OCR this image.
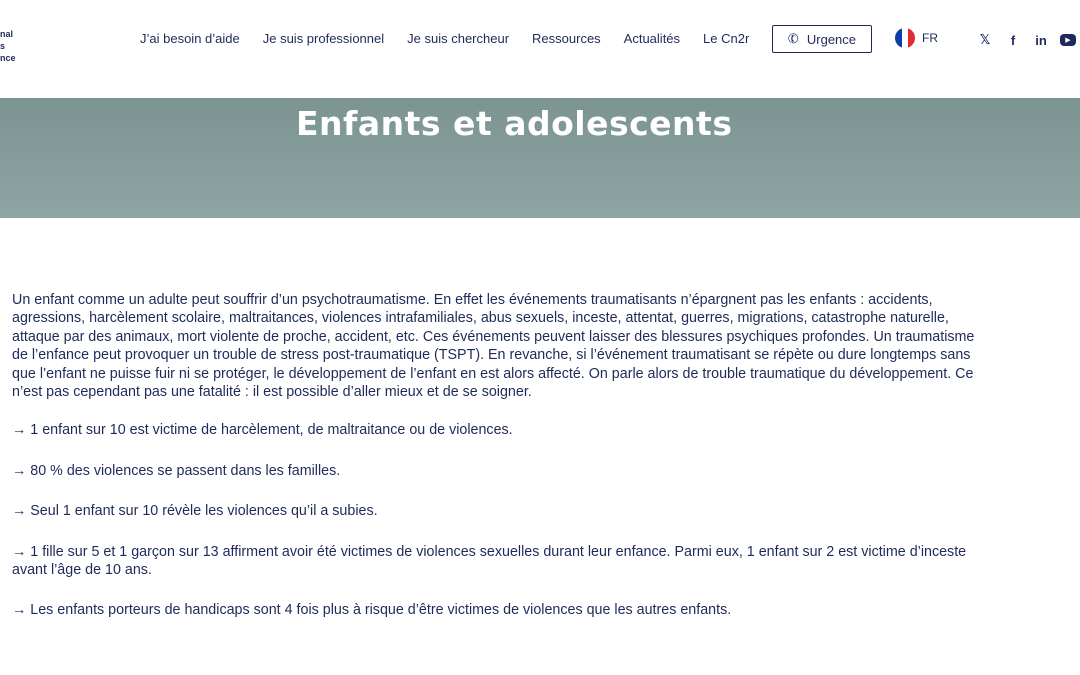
nal
s
nce
J’ai besoin d’aide Je suis professionnel Je suis chercheur Ressources Actualités Le Cn2r	✆ Urgence	FR	𝕏	f	in	▶
Enfants et adolescents

Un enfant comme un adulte peut souffrir d’un psychotraumatisme. En effet les événements traumatisants n’épargnent pas les enfants : accidents, agressions, harcèlement scolaire, maltraitances, violences intrafamiliales, abus sexuels, inceste, attentat, guerres, migrations, catastrophe naturelle, attaque par des animaux, mort violente de proche, accident, etc. Ces événements peuvent laisser des blessures psychiques profondes. Un traumatisme de l’enfance peut provoquer un trouble de stress post-traumatique (TSPT). En revanche, si l’événement traumatisant se répète ou dure longtemps sans que l’enfant ne puisse fuir ni se protéger, le développement de l’enfant en est alors affecté. On parle alors de trouble traumatique du développement. Ce n’est pas cependant pas une fatalité : il est possible d’aller mieux et de se soigner.

→ 1 enfant sur 10 est victime de harcèlement, de maltraitance ou de violences.

→ 80 % des violences se passent dans les familles.

→ Seul 1 enfant sur 10 révèle les violences qu’il a subies.

→ 1 fille sur 5 et 1 garçon sur 13 affirment avoir été victimes de violences sexuelles durant leur enfance. Parmi eux, 1 enfant sur 2 est victime d’inceste avant l’âge de 10 ans.

→ Les enfants porteurs de handicaps sont 4 fois plus à risque d’être victimes de violences que les autres enfants.
